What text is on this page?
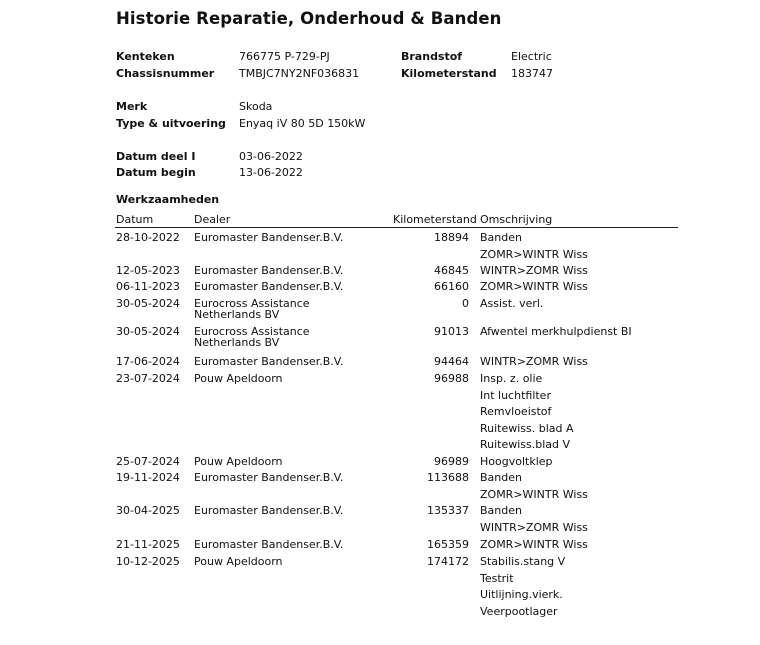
Historie Reparatie, Onderhoud & Banden
Kenteken	766775 P-729-PJ	Brandstof	Electric
Chassisnummer TMBJC7NY2NF036831	Kilometerstand 183747
Merk	Skoda
Type & uitvoering Enyaq iV 80 5D 150kW
Datum deel I	03-06-2022
Datum begin	13-06-2022
Werkzaamheden
Datum	Dealer	Kilometerstand Omschrijving
28-10-2022 Euromaster Bandenser.B.V.	18894 Banden
ZOMR>WINTR Wiss
12-05-2023 Euromaster Bandenser.B.V.	46845 WINTR>ZOMR Wiss
06-11-2023 Euromaster Bandenser.B.V.	66160 ZOMR>WINTR Wiss
30-05-2024 Eurocross Assistance Netherlands BV
0 Assist. verl.
30-05-2024 Eurocross Assistance Netherlands BV
91013 Afwentel merkhulpdienst BI
17-06-2024 Euromaster Bandenser.B.V.	94464 WINTR>ZOMR Wiss
23-07-2024 Pouw Apeldoorn	96988 Insp. z. olie
Int luchtfilter
Remvloeistof
Ruitewiss. blad A
Ruitewiss.blad V
25-07-2024 Pouw Apeldoorn	96989 Hoogvoltklep
19-11-2024 Euromaster Bandenser.B.V.	113688 Banden
ZOMR>WINTR Wiss
30-04-2025 Euromaster Bandenser.B.V.	135337 Banden
WINTR>ZOMR Wiss
21-11-2025 Euromaster Bandenser.B.V.	165359 ZOMR>WINTR Wiss
10-12-2025 Pouw Apeldoorn	174172 Stabilis.stang V
Testrit
Uitlijning.vierk.
Veerpootlager
